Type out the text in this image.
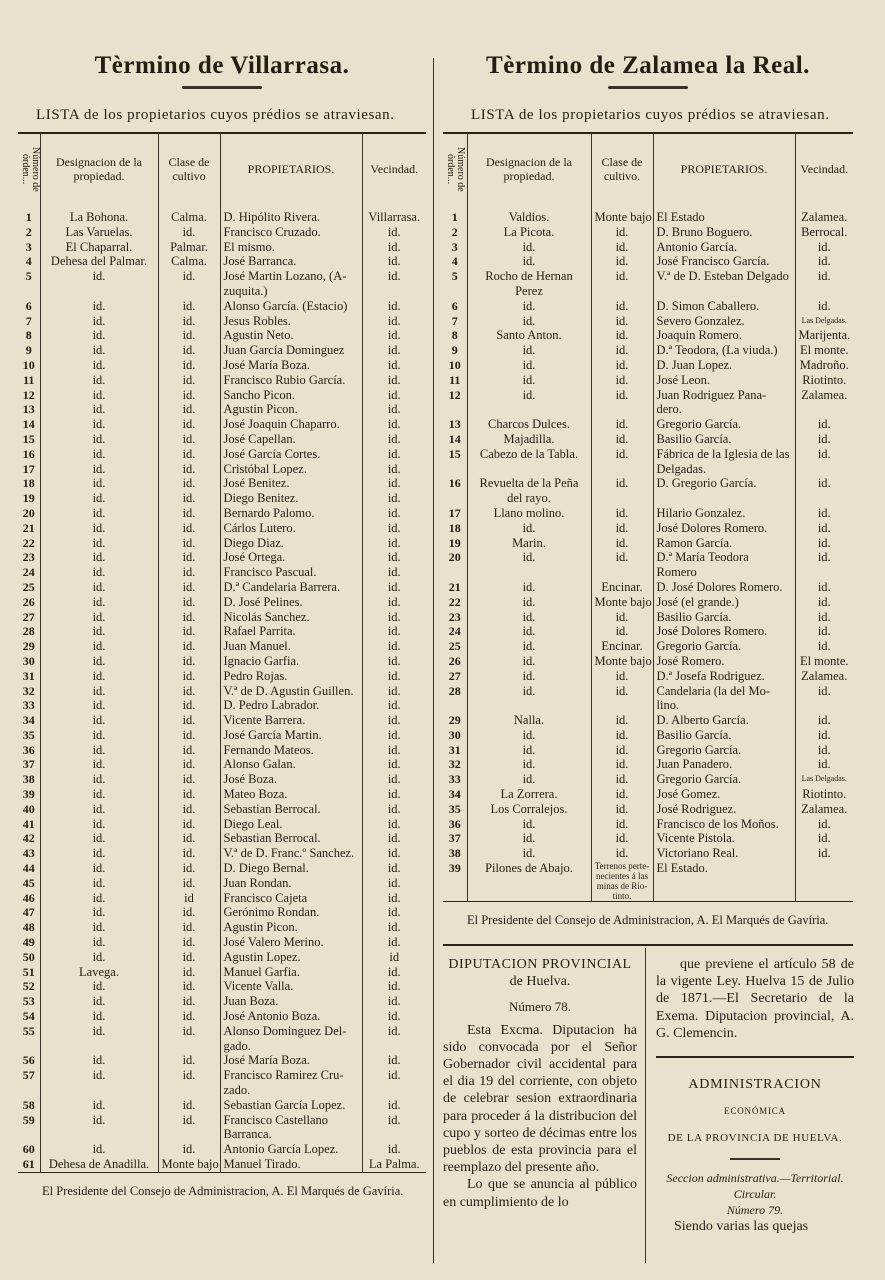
Tèrmino de Villarrasa.

LISTA de los propietarios cuyos prédios se atraviesan.

Número de órden...	Designacion de la propiedad.	Clase de cultivo	PROPIETARIOS.	Vecindad.

1	La Bohona.	Calma.	D. Hipólito Rivera.	Villarrasa.
2	Las Varuelas.	id.	Francisco Cruzado.	id.
3	El Chaparral.	Palmar.	El mismo.	id.
4	Dehesa del Palmar.	Calma.	José Barranca.	id.
5	id.	id.	José Martin Lozano, (A-zuquita.)	id.
6	id.	id.	Alonso García. (Estacio)	id.
7	id.	id.	Jesus Robles.	id.
8	id.	id.	Agustin Neto.	id.
9	id.	id.	Juan García Dominguez	id.
10	id.	id.	José María Boza.	id.
11	id.	id.	Francisco Rubio García.	id.
12	id.	id.	Sancho Picon.	id.
13	id.	id.	Agustin Picon.	id.
14	id.	id.	José Joaquin Chaparro.	id.
15	id.	id.	José Capellan.	id.
16	id.	id.	José García Cortes.	id.
17	id.	id.	Cristóbal Lopez.	id.
18	id.	id.	José Benitez.	id.
19	id.	id.	Diego Benitez.	id.
20	id.	id.	Bernardo Palomo.	id.
21	id.	id.	Cárlos Lutero.	id.
22	id.	id.	Diego Diaz.	id.
23	id.	id.	José Ortega.	id.
24	id.	id.	Francisco Pascual.	id.
25	id.	id.	D.ª Candelaria Barrera.	id.
26	id.	id.	D. José Pelines.	id.
27	id.	id.	Nicolás Sanchez.	id.
28	id.	id.	Rafael Parrita.	id.
29	id.	id.	Juan Manuel.	id.
30	id.	id.	Ignacio Garfia.	id.
31	id.	id.	Pedro Rojas.	id.
32	id.	id.	V.ª de D. Agustin Guillen.	id.
33	id.	id.	D. Pedro Labrador.	id.
34	id.	id.	Vicente Barrera.	id.
35	id.	id.	José García Martin.	id.
36	id.	id.	Fernando Mateos.	id.
37	id.	id.	Alonso Galan.	id.
38	id.	id.	José Boza.	id.
39	id.	id.	Mateo Boza.	id.
40	id.	id.	Sebastian Berrocal.	id.
41	id.	id.	Diego Leal.	id.
42	id.	id.	Sebastian Berrocal.	id.
43	id.	id.	V.ª de D. Franc.º Sanchez.	id.
44	id.	id.	D. Diego Bernal.	id.
45	id.	id.	Juan Rondan.	id.
46	id.	id	Francisco Cajeta	id.
47	id.	id.	Gerónimo Rondan.	id.
48	id.	id.	Agustin Picon.	id.
49	id.	id.	José Valero Merino.	id.
50	id.	id.	Agustin Lopez.	id
51	Lavega.	id.	Manuel Garfia.	id.
52	id.	id.	Vicente Valla.	id.
53	id.	id.	Juan Boza.	id.
54	id.	id.	José Antonio Boza.	id.
55	id.	id.	Alonso Dominguez Del-gado.	id.
56	id.	id.	José María Boza.	id.
57	id.	id.	Francisco Ramirez Cru-zado.	id.
58	id.	id.	Sebastian García Lopez.	id.
59	id.	id.	Francisco Castellano Barranca.	id.
60	id.	id.	Antonio García Lopez.	id.
61	Dehesa de Anadilla.	Monte bajo	Manuel Tirado.	La Palma.

El Presidente del Consejo de Administracion, A. El Marqués de Gavíria.

Tèrmino de Zalamea la Real.

LISTA de los propietarios cuyos prédios se atraviesan.

Número de órden...	Designacion de la propiedad.	Clase de cultivo.	PROPIETARIOS.	Vecindad.

1	Valdios.	Monte bajo	El Estado	Zalamea.
2	La Picota.	id.	D. Bruno Boguero.	Berrocal.
3	id.	id.	Antonio García.	id.
4	id.	id.	José Francisco García.	id.
5	Rocho de Hernan Perez	id.	V.ª de D. Esteban Delgado	id.
6	id.	id.	D. Simon Caballero.	id.
7	id.	id.	Severo Gonzalez.	Las Delgadas.
8	Santo Anton.	id.	Joaquin Romero.	Marijenta.
9	id.	id.	D.ª Teodora, (La viuda.)	El monte.
10	id.	id.	D. Juan Lopez.	Madroño.
11	id.	id.	José Leon.	Riotinto.
12	id.	id.	Juan Rodriguez Pana-dero.	Zalamea.
13	Charcos Dulces.	id.	Gregorio García.	id.
14	Majadilla.	id.	Basilio García.	id.
15	Cabezo de la Tabla.	id.	Fábrica de la Iglesia de las Delgadas.	id.
16	Revuelta de la Peña del rayo.	id.	D. Gregorio García.	id.
17	Llano molino.	id.	Hilario Gonzalez.	id.
18	id.	id.	José Dolores Romero.	id.
19	Marin.	id.	Ramon García.	id.
20	id.	id.	D.ª María Teodora Romero	id.
21	id.	Encinar.	D. José Dolores Romero.	id.
22	id.	Monte bajo	José (el grande.)	id.
23	id.	id.	Basilio García.	id.
24	id.	id.	José Dolores Romero.	id.
25	id.	Encinar.	Gregorio García.	id.
26	id.	Monte bajo	José Romero.	El monte.
27	id.	id.	D.ª Josefa Rodriguez.	Zalamea.
28	id.	id.	Candelaria (la del Mo-lino.	id.
29	Nalla.	id.	D. Alberto García.	id.
30	id.	id.	Basilio García.	id.
31	id.	id.	Gregorio García.	id.
32	id.	id.	Juan Panadero.	id.
33	id.	id.	Gregorio García.	Las Delgadas.
34	La Zorrera.	id.	José Gomez.	Riotinto.
35	Los Corralejos.	id.	José Rodriguez.	Zalamea.
36	id.	id.	Francisco de los Moños.	id.
37	id.	id.	Vicente Pistola.	id.
38	id.	id.	Victoriano Real.	id.
39	Pilones de Abajo.	Terrenos perte-necientes á las minas de Rio-tinto.	El Estado.	

El Presidente del Consejo de Administracion, A. El Marqués de Gavíria.

DIPUTACION PROVINCIAL
de Huelva.
Número 78.

Esta Excma. Diputacion ha sido convocada por el Señor Gobernador civil accidental para el dia 19 del corriente, con objeto de celebrar sesion extraordinaria para proceder á la distribucion del cupo y sorteo de décimas entre los pueblos de esta provincia para el reemplazo del presente año.

Lo que se anuncia al público en cumplimiento de lo

que previene el artículo 58 de la vigente Ley. Huelva 15 de Julio de 1871.—El Secretario de la Exema. Diputacion provincial, A. G. Clemencin.

ADMINISTRACION
ECONÓMICA
DE LA PROVINCIA DE HUELVA.
Seccion administrativa.—Territorial.
Circular.
Número 79.
Siendo varias las quejas
